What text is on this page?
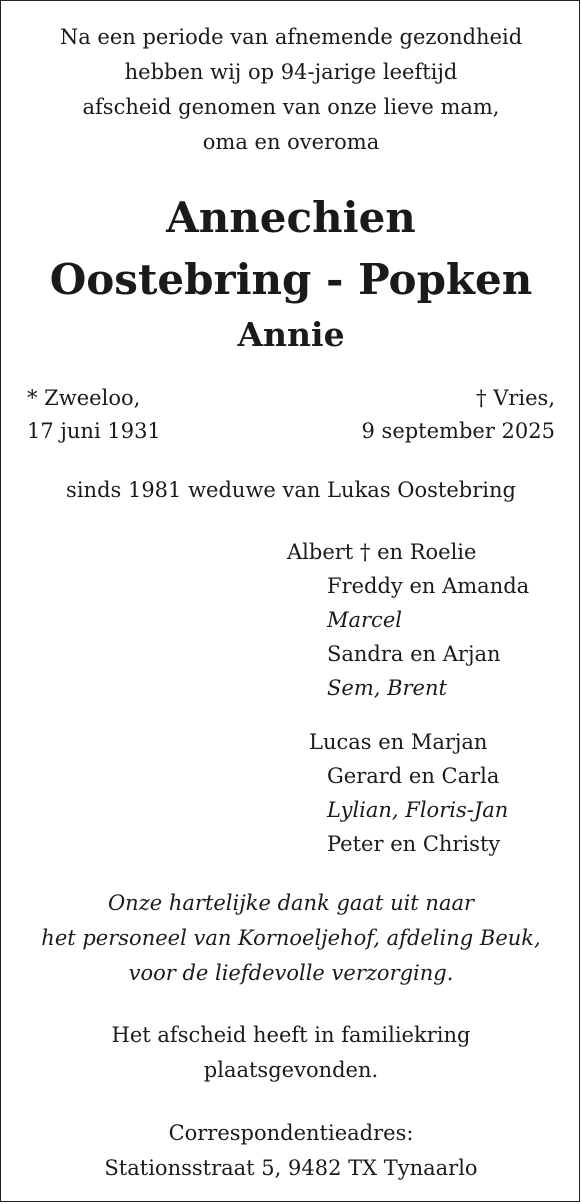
Na een periode van afnemende gezondheid
hebben wij op 94-jarige leeftijd
afscheid genomen van onze lieve mam,
oma en overoma
Annechien
Oostebring - Popken
Annie
* Zweeloo,
17 juni 1931
† Vries,
9 september 2025
sinds 1981 weduwe van Lukas Oostebring
Albert † en Roelie
Freddy en Amanda
Marcel
Sandra en Arjan
Sem, Brent
Lucas en Marjan
Gerard en Carla
Lylian, Floris-Jan
Peter en Christy
Onze hartelijke dank gaat uit naar
het personeel van Kornoeljehof, afdeling Beuk,
voor de liefdevolle verzorging.
Het afscheid heeft in familiekring
plaatsgevonden.
Correspondentieadres:
Stationsstraat 5, 9482 TX Tynaarlo
